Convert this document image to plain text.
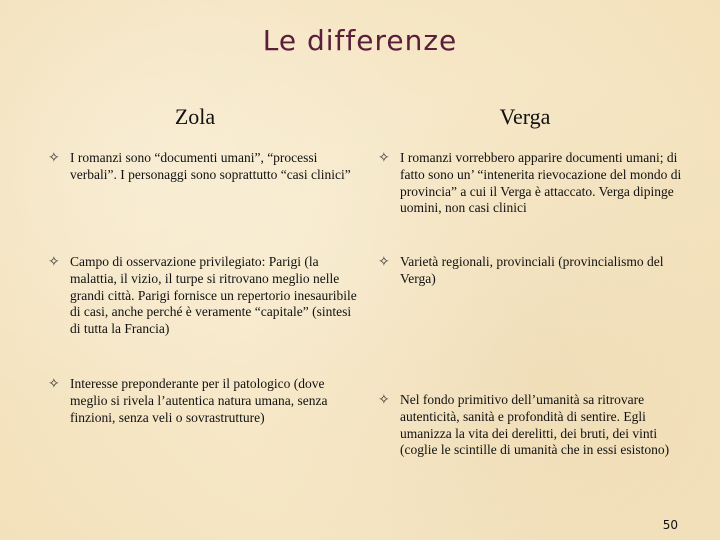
Le differenze
Zola	Verga
✧ I romanzi sono “documenti umani”, “processi verbali”. I personaggi sono soprattutto “casi clinici”
✧ Campo di osservazione privilegiato: Parigi (la malattia, il vizio, il turpe si ritrovano meglio nelle grandi città. Parigi fornisce un repertorio inesauribile di casi, anche perché è veramente “capitale” (sintesi di tutta la Francia)
✧ Interesse preponderante per il patologico (dove meglio si rivela l’autentica natura umana, senza finzioni, senza veli o sovrastrutture)
✧ I romanzi vorrebbero apparire documenti umani; di fatto sono un’ “intenerita rievocazione del mondo di provincia” a cui il Verga è attaccato. Verga dipinge uomini, non casi clinici
✧ Varietà regionali, provinciali (provincialismo del Verga)
✧ Nel fondo primitivo dell’umanità sa ritrovare autenticità, sanità e profondità di sentire. Egli umanizza la vita dei derelitti, dei bruti, dei vinti (coglie le scintille di umanità che in essi esistono)
50
